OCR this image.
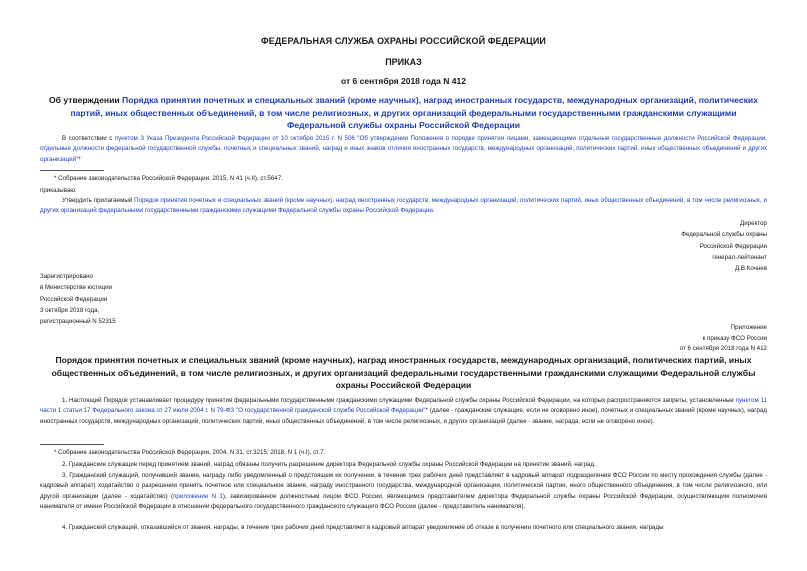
ФЕДЕРАЛЬНАЯ СЛУЖБА ОХРАНЫ РОССИЙСКОЙ ФЕДЕРАЦИИ
ПРИКАЗ
от 6 сентября 2018 года N 412
Об утверждении Порядка принятия почетных и специальных званий (кроме научных), наград иностранных государств, международных организаций, политических партий, иных общественных объединений, в том числе религиозных, и других организаций федеральными государственными гражданскими служащими Федеральной службы охраны Российской Федерации
В соответствии с пунктом 3 Указа Президента Российской Федерации от 10 октября 2015 г. N 506 "Об утверждении Положения о порядке принятия лицами, замещающими отдельные государственные должности Российской Федерации, отдельные должности федеральной государственной службы, почетных и специальных званий, наград и иных знаков отличия иностранных государств, международных организаций, политических партий, иных общественных объединений и других организаций"*
* Собрание законодательства Российской Федерации, 2015, N 41 (ч.II), ст.5647.
приказываю:
Утвердить прилагаемый Порядок принятия почетных и специальных званий (кроме научных), наград иностранных государств, международных организаций, политических партий, иных общественных объединений, в том числе религиозных, и других организаций федеральными государственными гражданскими служащими Федеральной службы охраны Российской Федерации.
Директор
Федеральной службы охраны
Российской Федерации
генерал-лейтенант
Д.В.Кочнев
Зарегистрировано
в Министерстве юстиции
Российской Федерации
3 октября 2018 года,
регистрационный N 52315
Приложение
к приказу ФСО России
от 6 сентября 2018 года N 412
Порядок принятия почетных и специальных званий (кроме научных), наград иностранных государств, международных организаций, политических партий, иных общественных объединений, в том числе религиозных, и других организаций федеральными государственными гражданскими служащими Федеральной службы охраны Российской Федерации
1. Настоящий Порядок устанавливает процедуру принятия федеральными государственными гражданскими служащими Федеральной службы охраны Российской Федерации, на которых распространяются запреты, установленные пунктом 11 части 1 статьи 17 Федерального закона от 27 июля 2004 г. N 79-ФЗ "О государственной гражданской службе Российской Федерации"* (далее - гражданские служащие, если не оговорено иное), почетных и специальных званий (кроме научных), наград иностранных государств, международных организаций, политических партий, иных общественных объединений, в том числе религиозных, и других организаций (далее - звание, награда, если не оговорено иное).
* Собрание законодательства Российской Федерации, 2004, N 31, ст.3215; 2018, N 1 (ч.I), ст.7.
2. Гражданские служащие перед принятием званий, наград обязаны получить разрешение директора Федеральной службы охраны Российской Федерации на принятие званий, наград.
3. Гражданский служащий, получивший звание, награду либо уведомленный о предстоящем их получении, в течение трех рабочих дней представляет в кадровый аппарат подразделения ФСО России по месту прохождения службы (далее - кадровый аппарат) ходатайство о разрешении принять почетное или специальное звание, награду иностранного государства, международной организации, политической партии, иного общественного объединения, в том числе религиозного, или другой организации (далее - ходатайство) (приложение N 1), завизированное должностным лицом ФСО России, являющимся представителем директора Федеральной службы охраны Российской Федерации, осуществляющим полномочия нанимателя от имени Российской Федерации в отношении федерального государственного гражданского служащего ФСО России (далее - представитель нанимателя).
4. Гражданский служащий, отказавшийся от звания, награды, в течение трех рабочих дней представляет в кадровый аппарат уведомление об отказе в получении почетного или специального звания, награды
